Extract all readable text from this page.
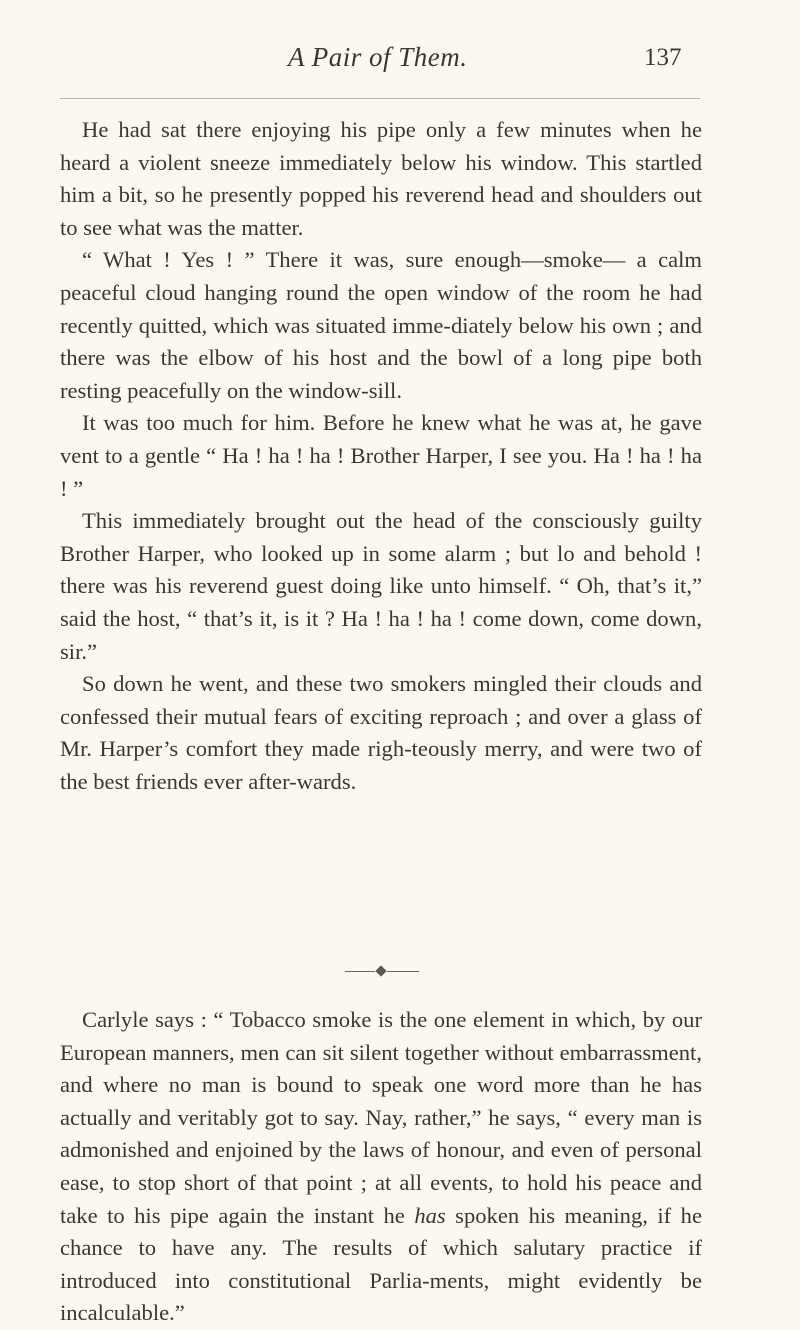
A Pair of Them.	137

He had sat there enjoying his pipe only a few minutes when he heard a violent sneeze immediately below his window. This startled him a bit, so he presently popped his reverend head and shoulders out to see what was the matter.

“ What ! Yes ! ” There it was, sure enough—smoke— a calm peaceful cloud hanging round the open window of the room he had recently quitted, which was situated imme-diately below his own ; and there was the elbow of his host and the bowl of a long pipe both resting peacefully on the window-sill.

It was too much for him. Before he knew what he was at, he gave vent to a gentle “ Ha ! ha ! ha ! Brother Harper, I see you. Ha ! ha ! ha ! ”

This immediately brought out the head of the consciously guilty Brother Harper, who looked up in some alarm ; but lo and behold ! there was his reverend guest doing like unto himself. “ Oh, that’s it,” said the host, “ that’s it, is it ? Ha ! ha ! ha ! come down, come down, sir.”

So down he went, and these two smokers mingled their clouds and confessed their mutual fears of exciting reproach ; and over a glass of Mr. Harper’s comfort they made righ-teously merry, and were two of the best friends ever after-wards.

Carlyle says : “ Tobacco smoke is the one element in which, by our European manners, men can sit silent together without embarrassment, and where no man is bound to speak one word more than he has actually and veritably got to say. Nay, rather,” he says, “ every man is admonished and enjoined by the laws of honour, and even of personal ease, to stop short of that point ; at all events, to hold his peace and take to his pipe again the instant he has spoken his meaning, if he chance to have any. The results of which salutary practice if introduced into constitutional Parlia-ments, might evidently be incalculable.”
